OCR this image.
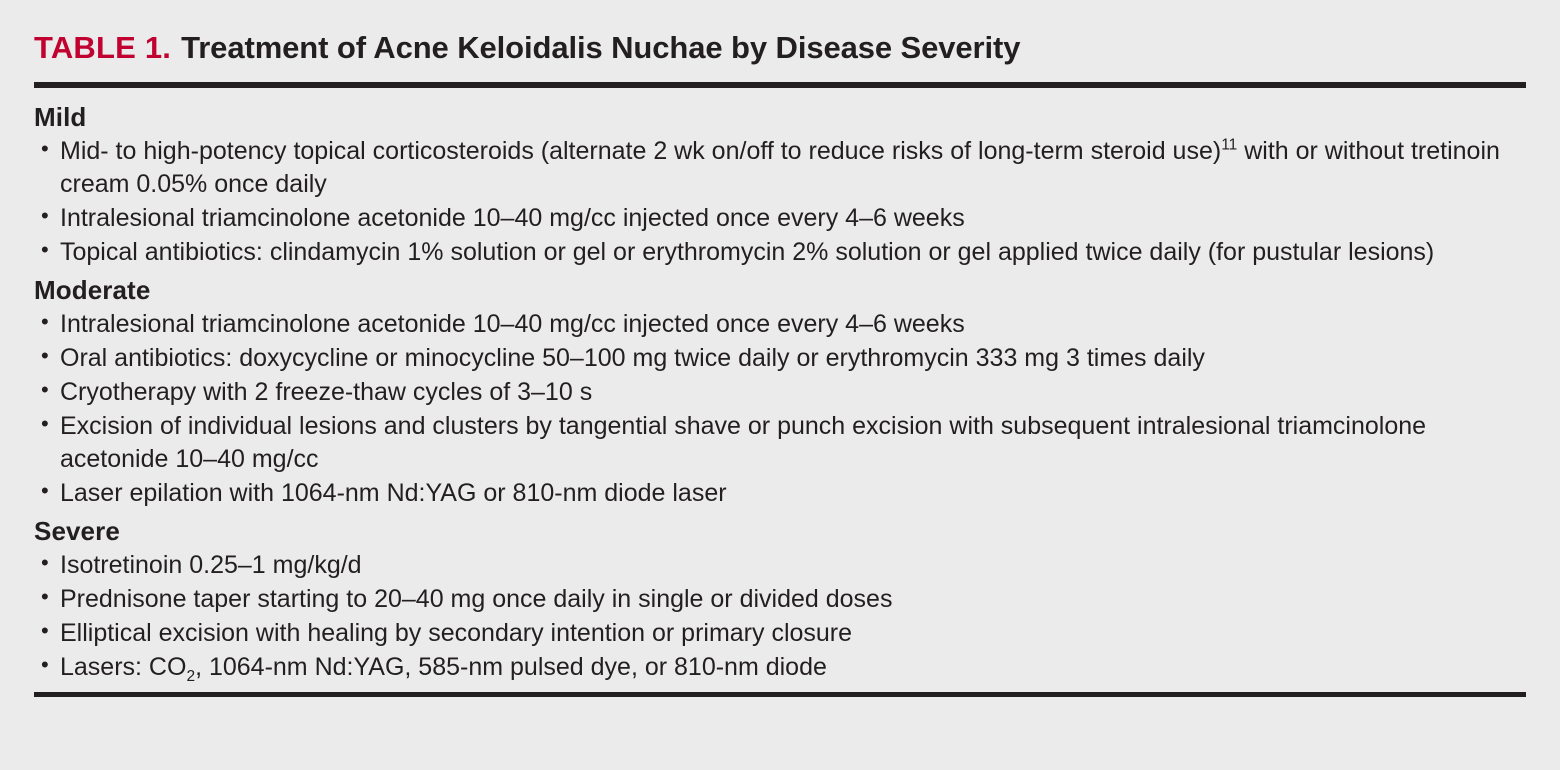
TABLE 1. Treatment of Acne Keloidalis Nuchae by Disease Severity
Mild
• Mid- to high-potency topical corticosteroids (alternate 2 wk on/off to reduce risks of long-term steroid use)$^{11}$ with or without tretinoin cream 0.05% once daily
• Intralesional triamcinolone acetonide 10–40 mg/cc injected once every 4–6 weeks
• Topical antibiotics: clindamycin 1% solution or gel or erythromycin 2% solution or gel applied twice daily (for pustular lesions)
Moderate
• Intralesional triamcinolone acetonide 10–40 mg/cc injected once every 4–6 weeks
• Oral antibiotics: doxycycline or minocycline 50–100 mg twice daily or erythromycin 333 mg 3 times daily
• Cryotherapy with 2 freeze-thaw cycles of 3–10 s
• Excision of individual lesions and clusters by tangential shave or punch excision with subsequent intralesional triamcinolone acetonide 10–40 mg/cc
• Laser epilation with 1064-nm Nd:YAG or 810-nm diode laser
Severe
• Isotretinoin 0.25–1 mg/kg/d
• Prednisone taper starting to 20–40 mg once daily in single or divided doses
• Elliptical excision with healing by secondary intention or primary closure
• Lasers: $CO_2$, 1064-nm Nd:YAG, 585-nm pulsed dye, or 810-nm diode
